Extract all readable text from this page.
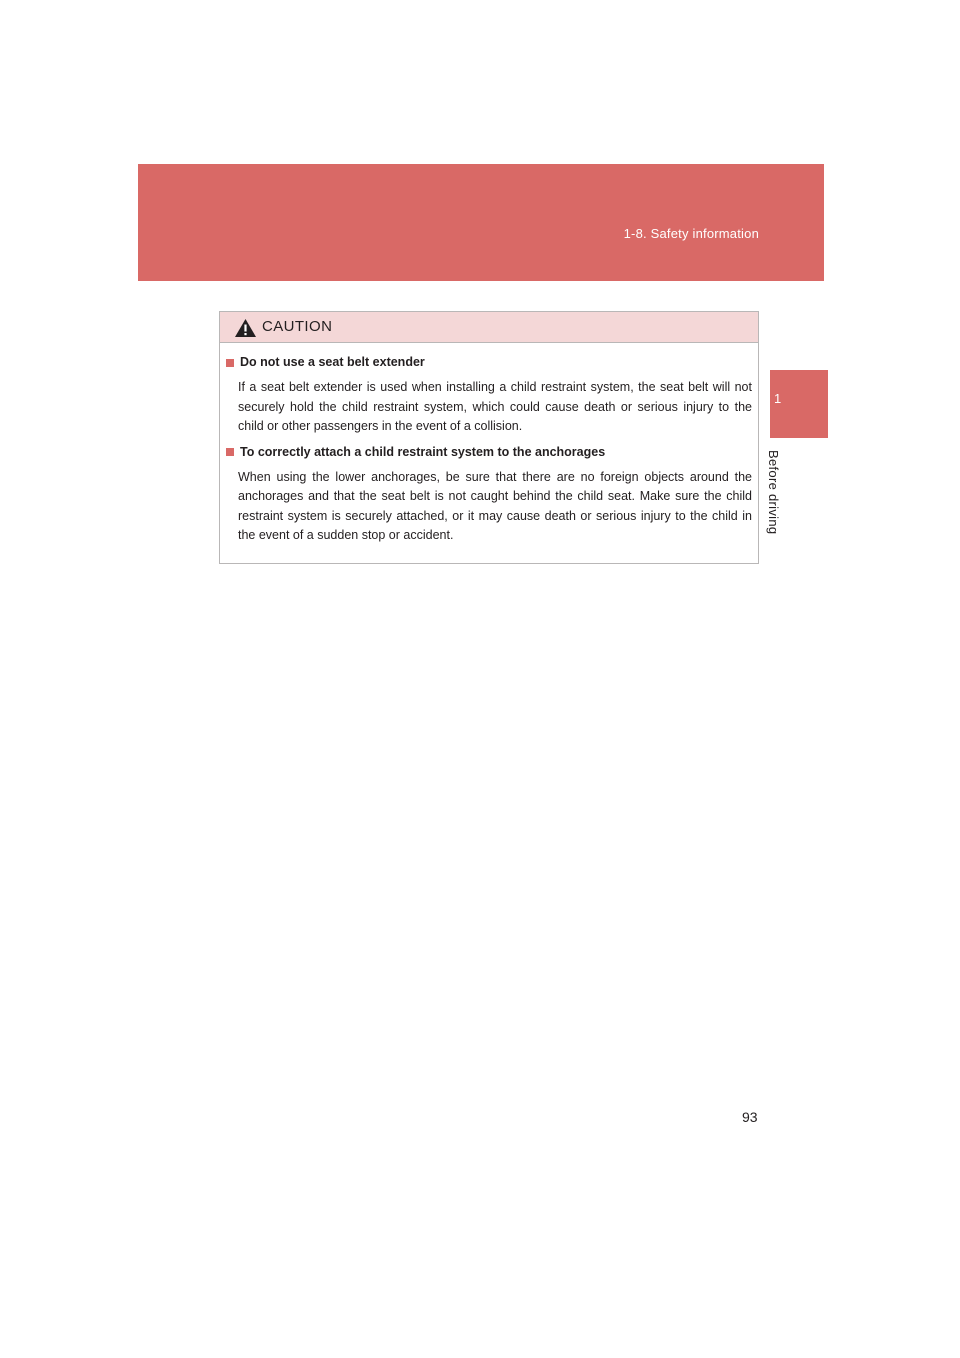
1-8. Safety information
1
Before driving
CAUTION
Do not use a seat belt extender
If a seat belt extender is used when installing a child restraint system, the seat belt will not securely hold the child restraint system, which could cause death or serious injury to the child or other passengers in the event of a collision.
To correctly attach a child restraint system to the anchorages
When using the lower anchorages, be sure that there are no foreign objects around the anchorages and that the seat belt is not caught behind the child seat. Make sure the child restraint system is securely attached, or it may cause death or serious injury to the child in the event of a sudden stop or accident.
93
